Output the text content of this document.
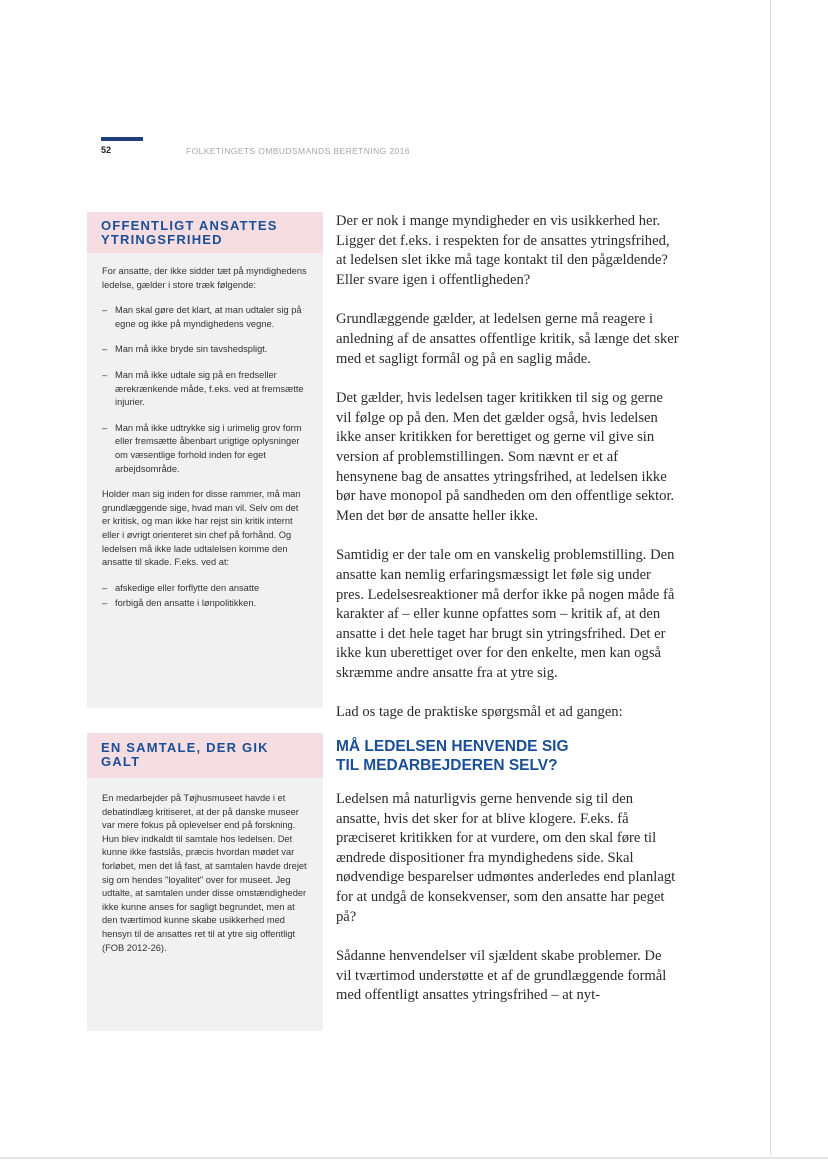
52	FOLKETINGETS OMBUDSMANDS BERETNING 2016
OFFENTLIGT ANSATTES
YTRINGSFRIHED

For ansatte, der ikke sidder tæt på myndighedens ledelse, gælder i store træk følgende:

– Man skal gøre det klart, at man udtaler sig på egne og ikke på myndighedens vegne.
– Man må ikke bryde sin tavshedspligt.
– Man må ikke udtale sig på en fredseller ærekrænkende måde, f.eks. ved at fremsætte injurier.
– Man må ikke udtrykke sig i urimelig grov form eller fremsætte åbenbart urigtige oplysninger om væsentlige forhold inden for eget arbejdsområde.

Holder man sig inden for disse rammer, må man grundlæggende sige, hvad man vil. Selv om det er kritisk, og man ikke har rejst sin kritik internt eller i øvrigt orienteret sin chef på forhånd. Og ledelsen må ikke lade udtalelsen komme den ansatte til skade. F.eks. ved at:

– afskedige eller forflytte den ansatte
– forbigå den ansatte i lønpolitikken.
EN SAMTALE, DER GIK GALT

En medarbejder på Tøjhusmuseet havde i et debatindlæg kritiseret, at der på danske museer var mere fokus på oplevelser end på forskning. Hun blev indkaldt til samtale hos ledelsen. Det kunne ikke fastslås, præcis hvordan mødet var forløbet, men det lå fast, at samtalen havde drejet sig om hendes "loyalitet" over for museet. Jeg udtalte, at samtalen under disse omstændigheder ikke kunne anses for sagligt begrundet, men at den tværtimod kunne skabe usikkerhed med hensyn til de ansattes ret til at ytre sig offentligt (FOB 2012-26).

Der er nok i mange myndigheder en vis usikkerhed her. Ligger det f.eks. i respekten for de ansattes ytringsfrihed, at ledelsen slet ikke må tage kontakt til den pågældende? Eller svare igen i offentligheden?

Grundlæggende gælder, at ledelsen gerne må reagere i anledning af de ansattes offentlige kritik, så længe det sker med et sagligt formål og på en saglig måde.

Det gælder, hvis ledelsen tager kritikken til sig og gerne vil følge op på den. Men det gælder også, hvis ledelsen ikke anser kritikken for berettiget og gerne vil give sin version af problemstillingen. Som nævnt er et af hensynene bag de ansattes ytringsfrihed, at ledelsen ikke bør have monopol på sandheden om den offentlige sektor. Men det bør de ansatte heller ikke.

Samtidig er der tale om en vanskelig problemstilling. Den ansatte kan nemlig erfaringsmæssigt let føle sig under pres. Ledelsesreaktioner må derfor ikke på nogen måde få karakter af – eller kunne opfattes som – kritik af, at den ansatte i det hele taget har brugt sin ytringsfrihed. Det er ikke kun uberettiget over for den enkelte, men kan også skræmme andre ansatte fra at ytre sig.

Lad os tage de praktiske spørgsmål et ad gangen:

MÅ LEDELSEN HENVENDE SIG
TIL MEDARBEJDEREN SELV?

Ledelsen må naturligvis gerne henvende sig til den ansatte, hvis det sker for at blive klogere. F.eks. få præciseret kritikken for at vurdere, om den skal føre til ændrede dispositioner fra myndighedens side. Skal nødvendige besparelser udmøntes anderledes end planlagt for at undgå de konsekvenser, som den ansatte har peget på?

Sådanne henvendelser vil sjældent skabe problemer. De vil tværtimod understøtte et af de grundlæggende formål med offentligt ansattes ytringsfrihed – at nyt-
